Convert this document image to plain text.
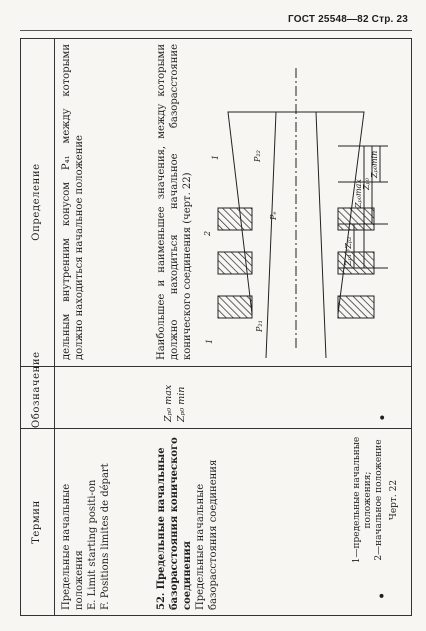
ГОСТ 25548—82 Стр. 23
Термин
Обозначение
Определение

Предельные начальные положения E. Limit starting positi-on F. Positions limites de départ

дельным внутренним конусом P₄₁ между которыми должно находиться начальное положение

52. Предельные начальные базорасстояния конического соединения Предельные начальные базорасстояния соединения

Zₚ₀ max Zₚ₀ min
Наибольшее и наименьшее значения, между которыми должно находиться начальное базорасстояние конического соединения (черт. 22)
•
Zₚ₀max Zₚ₀
Zₚ₀min
Zₚ₁ ʸZₚ₂
P₂₂
P₂₁
Pₑ
1
1
2
1—предельные начальные положения; 2—начальное положение Черт. 22
•
